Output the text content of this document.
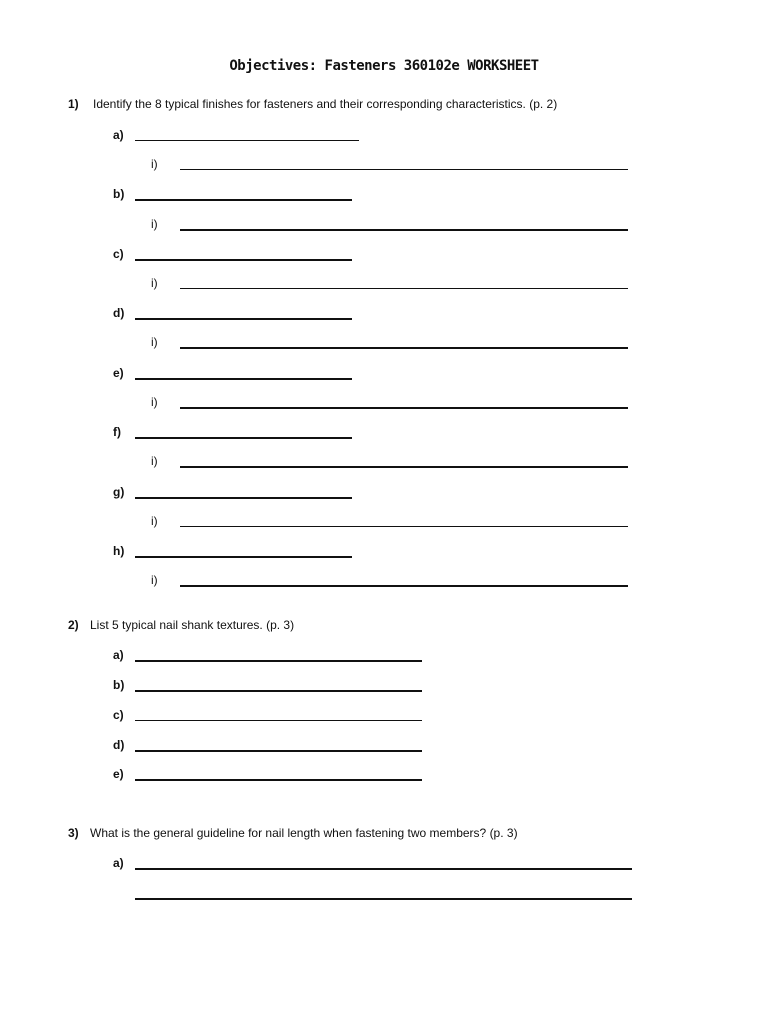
Objectives: Fasteners 360102e WORKSHEET
1) Identify the 8 typical finishes for fasteners and their corresponding characteristics. (p. 2)
a)
i)
b)
i)
c)
i)
d)
i)
e)
i)
f)
i)
g)
i)
h)
i)
2) List 5 typical nail shank textures. (p. 3)
a)
b)
c)
d)
e)
3) What is the general guideline for nail length when fastening two members? (p. 3)
a)
